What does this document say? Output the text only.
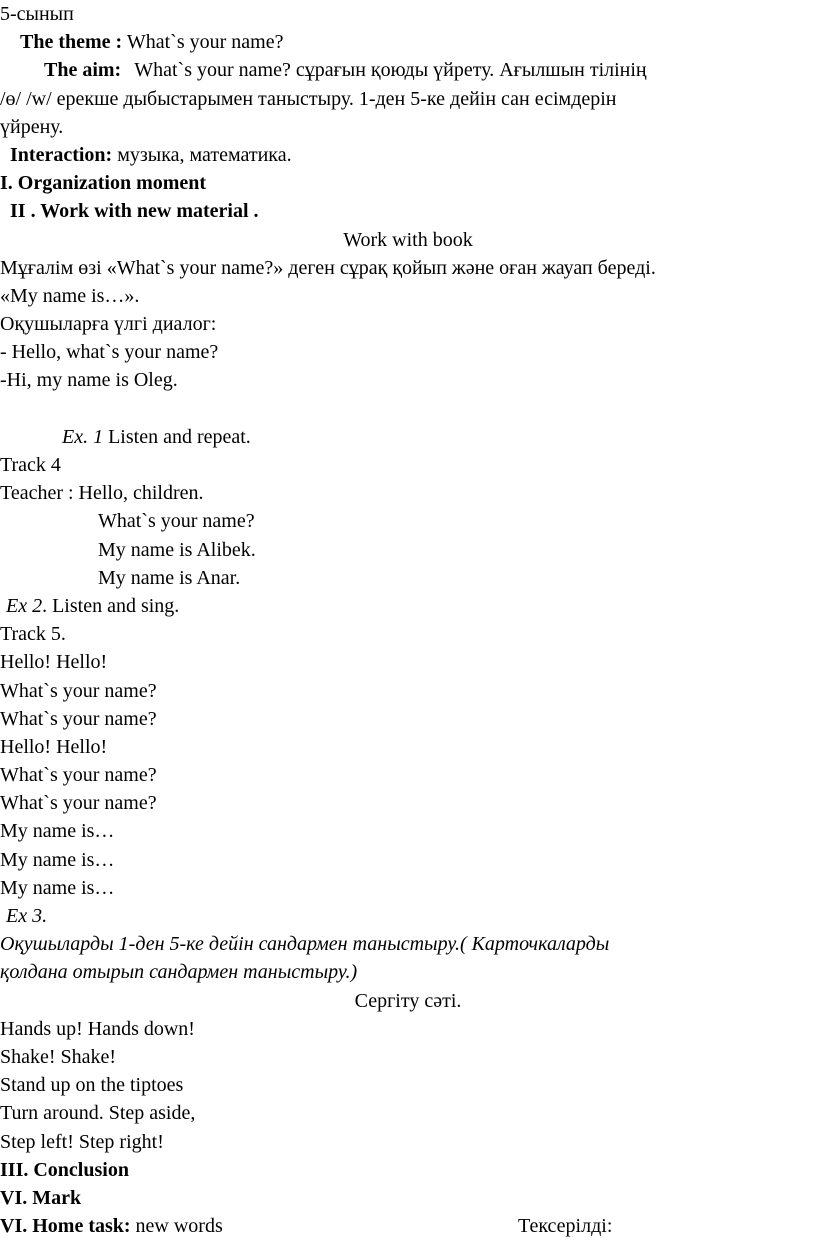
5-сынып
The theme : What`s your name?
The aim: What`s your name? сұрағын қоюды үйрету. Ағылшын тілінің
/ө/ /w/ ерекше дыбыстарымен таныстыру. 1-ден 5-ке дейін сан есімдерін
үйрену.
Interaction: музыка, математика.
I. Organization moment
II . Work with new material .
Work with book
Мұғалім өзі «What`s your name?» деген сұрақ қойып және оған жауап береді.
«My name is…».
Оқушыларға үлгі диалог:
- Hello, what`s your name?
-Hi, my name is Oleg.
Ex. 1 Listen and repeat.
Track 4
Teacher : Hello, children.
What`s your name?
My name is Alibek.
My name is Anar.
Ex 2. Listen and sing.
Track 5.
Hello! Hello!
What`s your name?
What`s your name?
Hello! Hello!
What`s your name?
What`s your name?
My name is…
My name is…
My name is…
Ex 3.
Оқушыларды 1-ден 5-ке дейін сандармен таныстыру.( Карточкаларды
қолдана отырып сандармен таныстыру.)
Сергіту сәті.
Hands up! Hands down!
Shake! Shake!
Stand up on the tiptoes
Turn around. Step aside,
Step left! Step right!
III. Conclusion
VI. Mark
VI. Home task: new words	Тексерілді:
